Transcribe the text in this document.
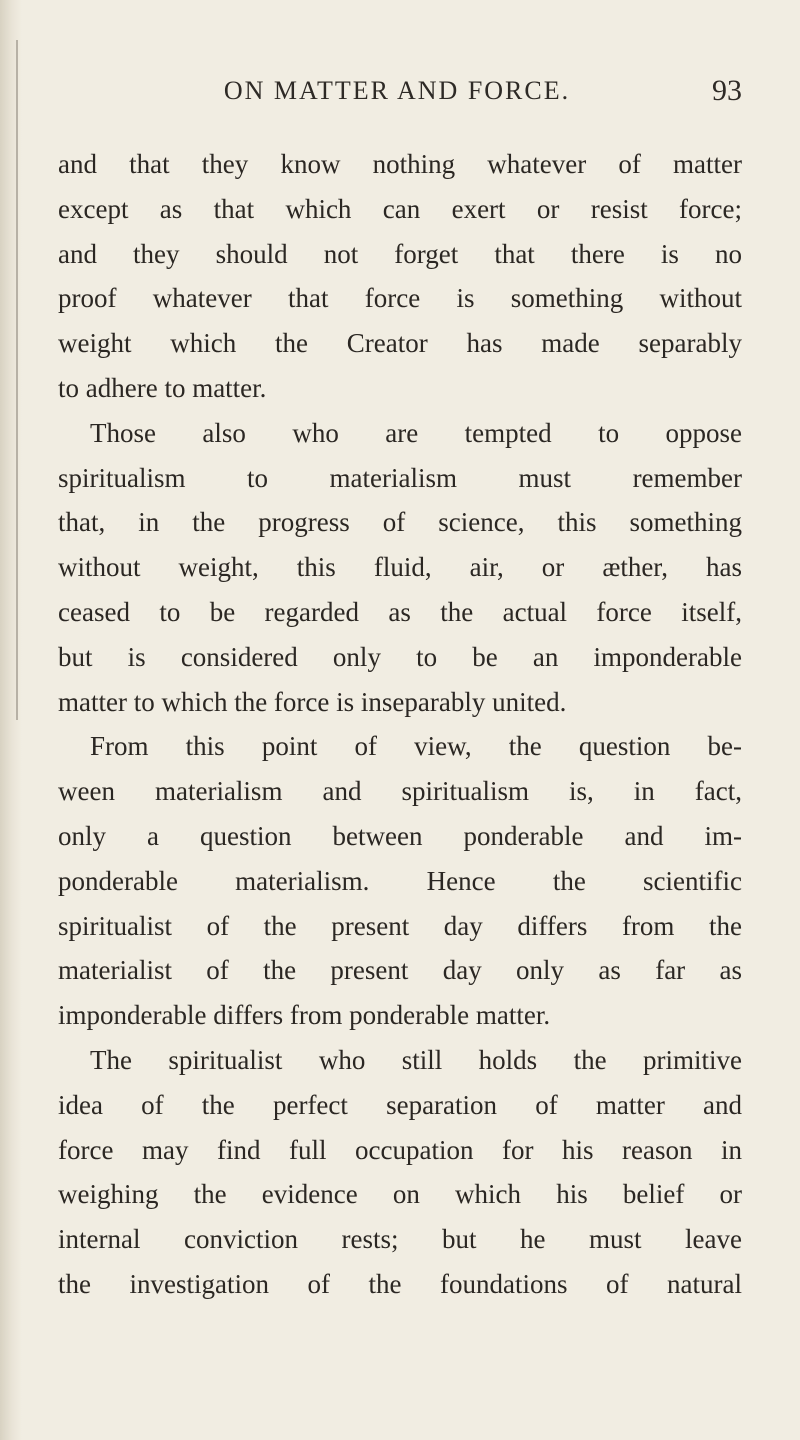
ON MATTER AND FORCE.	93
and that they know nothing whatever of matter
except as that which can exert or resist force;
and they should not forget that there is no
proof whatever that force is something without
weight which the Creator has made separably
to adhere to matter.
Those also who are tempted to oppose
spiritualism to materialism must remember
that, in the progress of science, this something
without weight, this fluid, air, or æther, has
ceased to be regarded as the actual force itself,
but is considered only to be an imponderable
matter to which the force is inseparably united.
From this point of view, the question be-
ween materialism and spiritualism is, in fact,
only a question between ponderable and im-
ponderable materialism. Hence the scientific
spiritualist of the present day differs from the
materialist of the present day only as far as
imponderable differs from ponderable matter.
The spiritualist who still holds the primitive
idea of the perfect separation of matter and
force may find full occupation for his reason in
weighing the evidence on which his belief or
internal conviction rests; but he must leave
the investigation of the foundations of natural
